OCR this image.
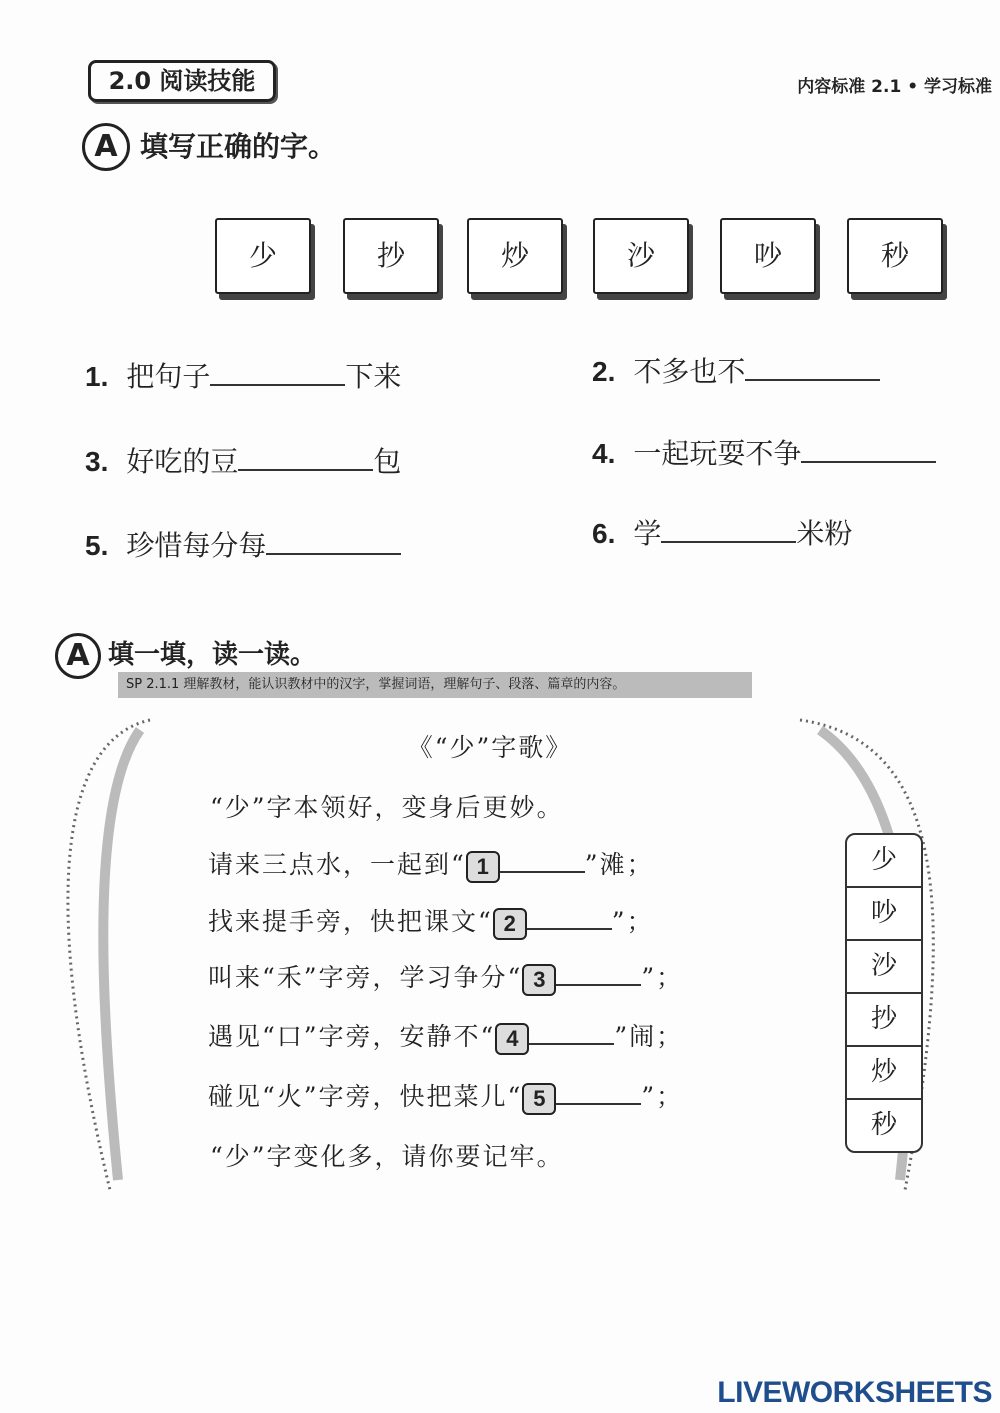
2.0 阅读技能	内容标准 2.1 • 学习标准
A 填写正确的字。
A 填一填，读一读。
SP 2.1.1 理解教材，能认识教材中的汉字，掌握词语，理解句子、段落、篇章的内容。
《“少”字歌》
少
吵
沙
抄
炒
秒
LIVEWORKSHEETS
少	抄	炒	沙	吵	秒
1. 把句子	下来	2. 不多也不
3. 好吃的豆	包	4. 一起玩耍不争
5. 珍惜每分每	6. 学	米粉
“少”字本领好，变身后更妙。
请来三点水，一起到“ 1	”滩；
找来提手旁，快把课文“ 2	”；
叫来“禾”字旁，学习争分“ 3	”；
遇见“口”字旁，安静不“ 4	”闹；
碰见“火”字旁，快把菜儿“ 5	”；
“少”字变化多，请你要记牢。
